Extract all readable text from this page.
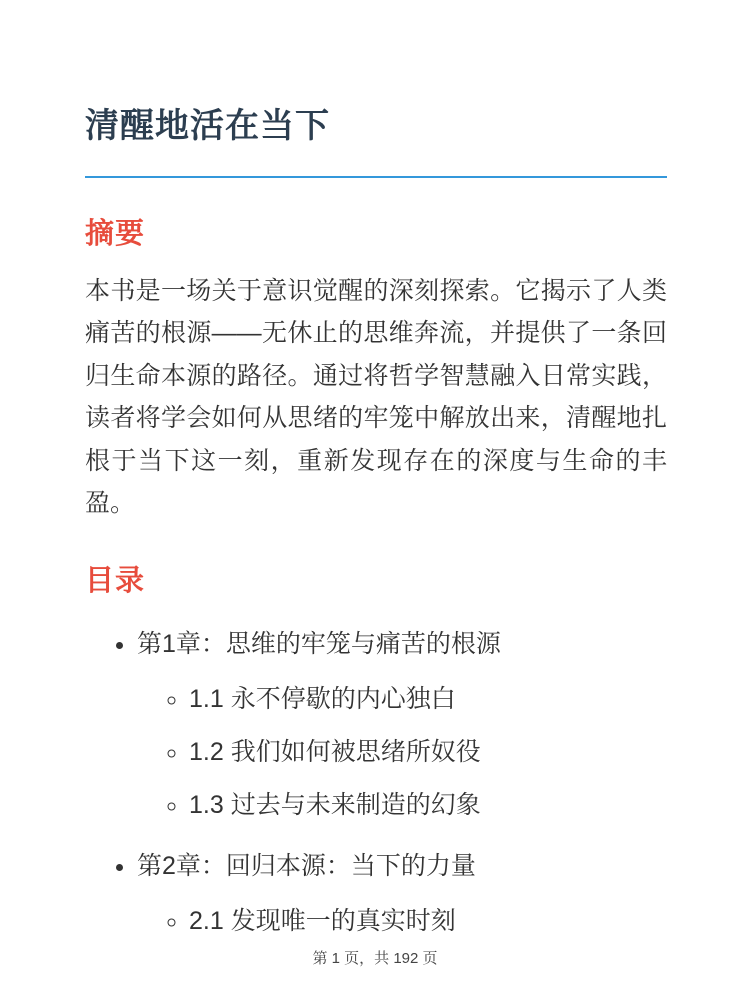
清醒地活在当下
摘要

本书是一场关于意识觉醒的深刻探索。它揭示了人类痛苦的根源——无休止的思维奔流，并提供了一条回归生命本源的路径。通过将哲学智慧融入日常实践，读者将学会如何从思绪的牢笼中解放出来，清醒地扎根于当下这一刻，重新发现存在的深度与生命的丰盈。

目录
• 第1章：思维的牢笼与痛苦的根源
◦ 1.1 永不停歇的内心独白
◦ 1.2 我们如何被思绪所奴役
◦ 1.3 过去与未来制造的幻象
• 第2章：回归本源：当下的力量
◦ 2.1 发现唯一的真实时刻
第 1 页，共 192 页
